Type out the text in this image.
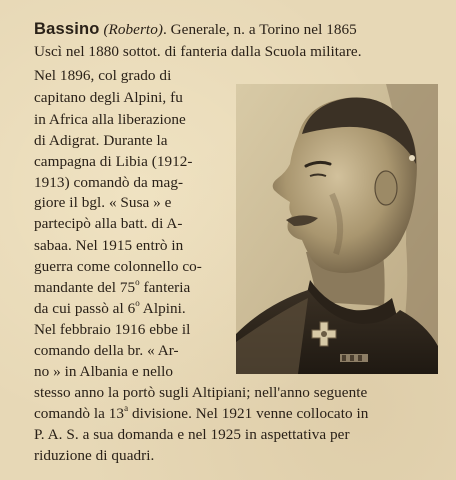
Bassino (Roberto). Generale, n. a Torino nel 1865
Uscì nel 1880 sottot. di fanteria dalla Scuola militare.
Nel 1896, col grado di
capitano degli Alpini, fu
in Africa alla liberazione
di Adigrat. Durante la
campagna di Libia (1912-
1913) comandò da mag-
giore il bgl. « Susa » e
partecipò alla batt. di A-
sabaa. Nel 1915 entrò in
guerra come colonnello co-
mandante del 75$^o$ fanteria
da cui passò al 6$^o$ Alpini.
Nel febbraio 1916 ebbe il
comando della br. « Ar-
no » in Albania e nello
stesso anno la portò sugli Altipiani; nell'anno seguente
comandò la 13$^a$ divisione. Nel 1921 venne collocato in
P. A. S. a sua domanda e nel 1925 in aspettativa per
riduzione di quadri.
